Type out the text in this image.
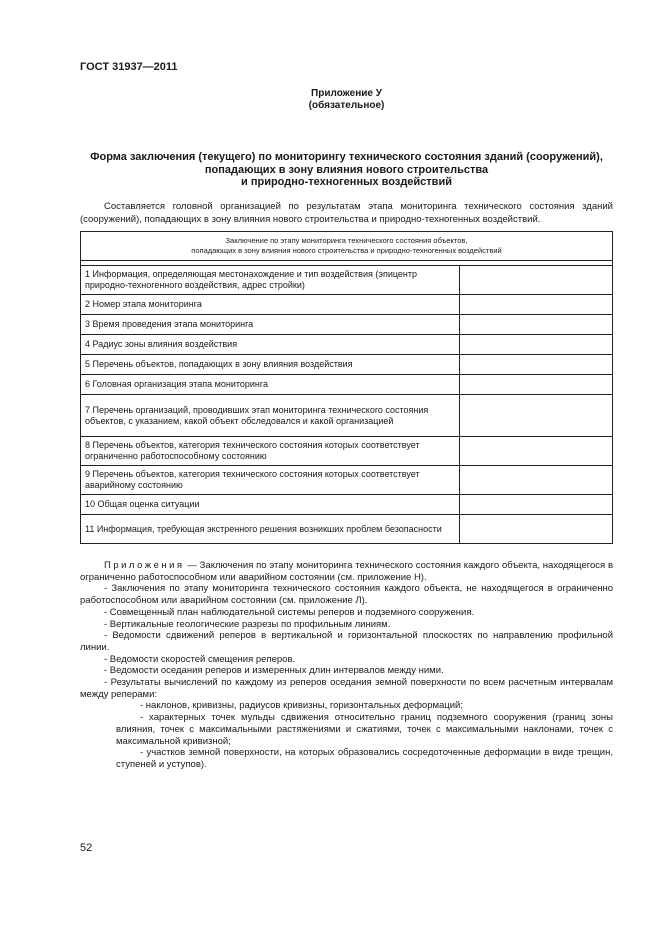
ГОСТ 31937—2011
Приложение У
(обязательное)
Форма заключения (текущего) по мониторингу технического состояния зданий (сооружений),
попадающих в зону влияния нового строительства
и природно-техногенных воздействий
Составляется головной организацией по результатам этапа мониторинга технического состояния зданий (сооружений), попадающих в зону влияния нового строительства и природно-техногенных воздействий.
Заключение по этапу мониторинга технического состояния объектов,
попадающих в зону влияния нового строительства и природно-техногенных воздействий	

1 Информация, определяющая местонахождение и тип воздействия (эпицентр природно-техногенного воздействия, адрес стройки)	
2 Номер этапа мониторинга	
3 Время проведения этапа мониторинга	
4 Радиус зоны влияния воздействия	
5 Перечень объектов, попадающих в зону влияния воздействия	
6 Головная организация этапа мониторинга	
7 Перечень организаций, проводивших этап мониторинга технического состояния объектов, с указанием, какой объект обследовался и какой организацией	
8 Перечень объектов, категория технического состояния которых соответствует ограниченно работоспособному состоянию	
9 Перечень объектов, категория технического состояния которых соответствует аварийному состоянию	
10 Общая оценка ситуации	
11 Информация, требующая экстренного решения возникших проблем безопасности	

Приложения — Заключения по этапу мониторинга технического состояния каждого объекта, находящегося в ограниченно работоспособном или аварийном состоянии (см. приложение Н).

- Заключения по этапу мониторинга технического состояния каждого объекта, не находящегося в ограниченно работоспособном или аварийном состоянии (см. приложение Л).

- Совмещенный план наблюдательной системы реперов и подземного сооружения.

- Вертикальные геологические разрезы по профильным линиям.

- Ведомости сдвижений реперов в вертикальной и горизонтальной плоскостях по направлению профильной линии.

- Ведомости скоростей смещения реперов.

- Ведомости оседания реперов и измеренных длин интервалов между ними.

- Результаты вычислений по каждому из реперов оседания земной поверхности по всем расчетным интервалам между реперами:

- наклонов, кривизны, радиусов кривизны, горизонтальных деформаций;

- характерных точек мульды сдвижения относительно границ подземного сооружения (границ зоны влияния, точек с максимальными растяжениями и сжатиями, точек с максимальными наклонами, точек с максимальной кривизной;

- участков земной поверхности, на которых образовались сосредоточенные деформации в виде трещин, ступеней и уступов).

52
